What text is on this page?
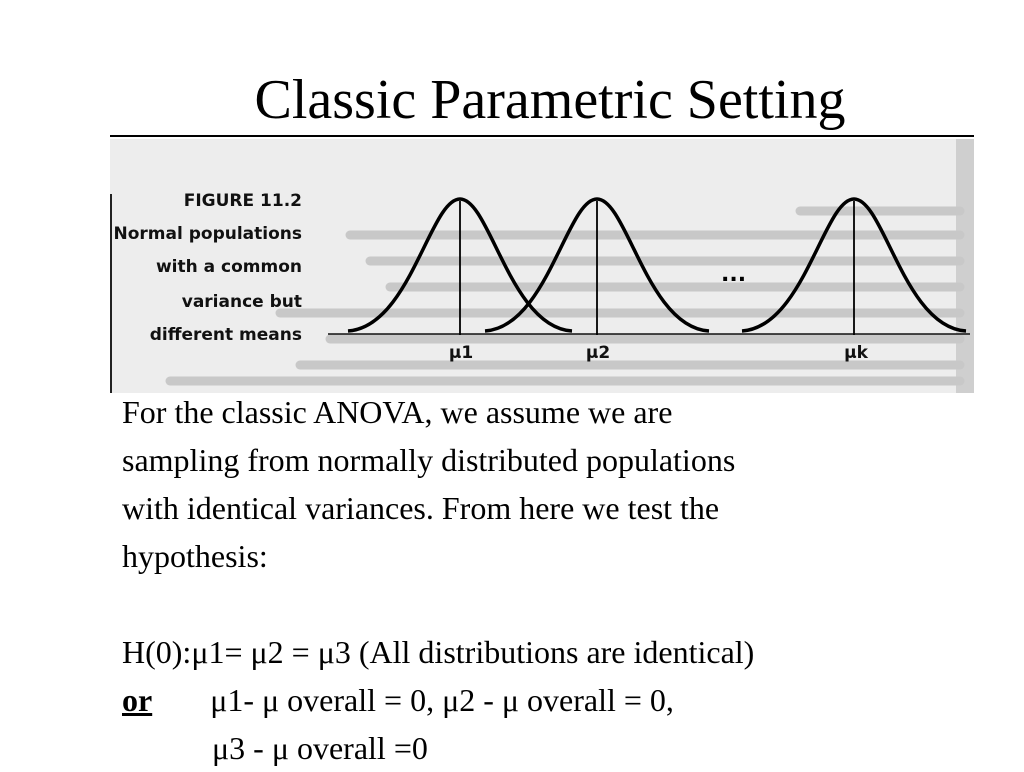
Classic Parametric Setting
FIGURE 11.2
Normal populations
with a common
variance but
different means
...
μ1	μ2	μk
For the classic ANOVA, we assume we are
sampling from normally distributed populations
with identical variances. From here we test the
hypothesis:
H(0):μ1= μ2 = μ3 (All distributions are identical)
or μ1- μ overall = 0, μ2 - μ overall = 0,
μ3 - μ overall =0
